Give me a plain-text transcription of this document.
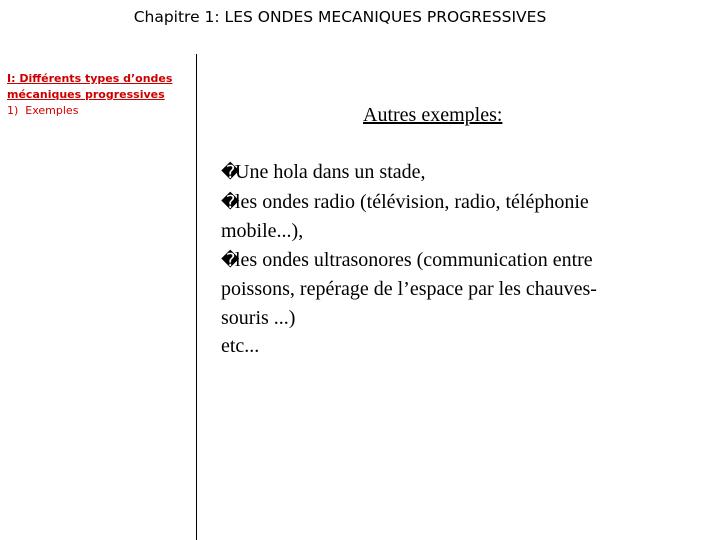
Chapitre 1: LES ONDES MECANIQUES PROGRESSIVES
I: Différents types d’ondes
mécaniques progressives
1)  Exemples	Autres exemples:
�
Une hola dans un stade,
�
les ondes radio (télévision, radio, téléphonie
mobile...),
�
les ondes ultrasonores (communication entre
poissons, repérage de l’espace par les chauves-
souris ...)
etc...
